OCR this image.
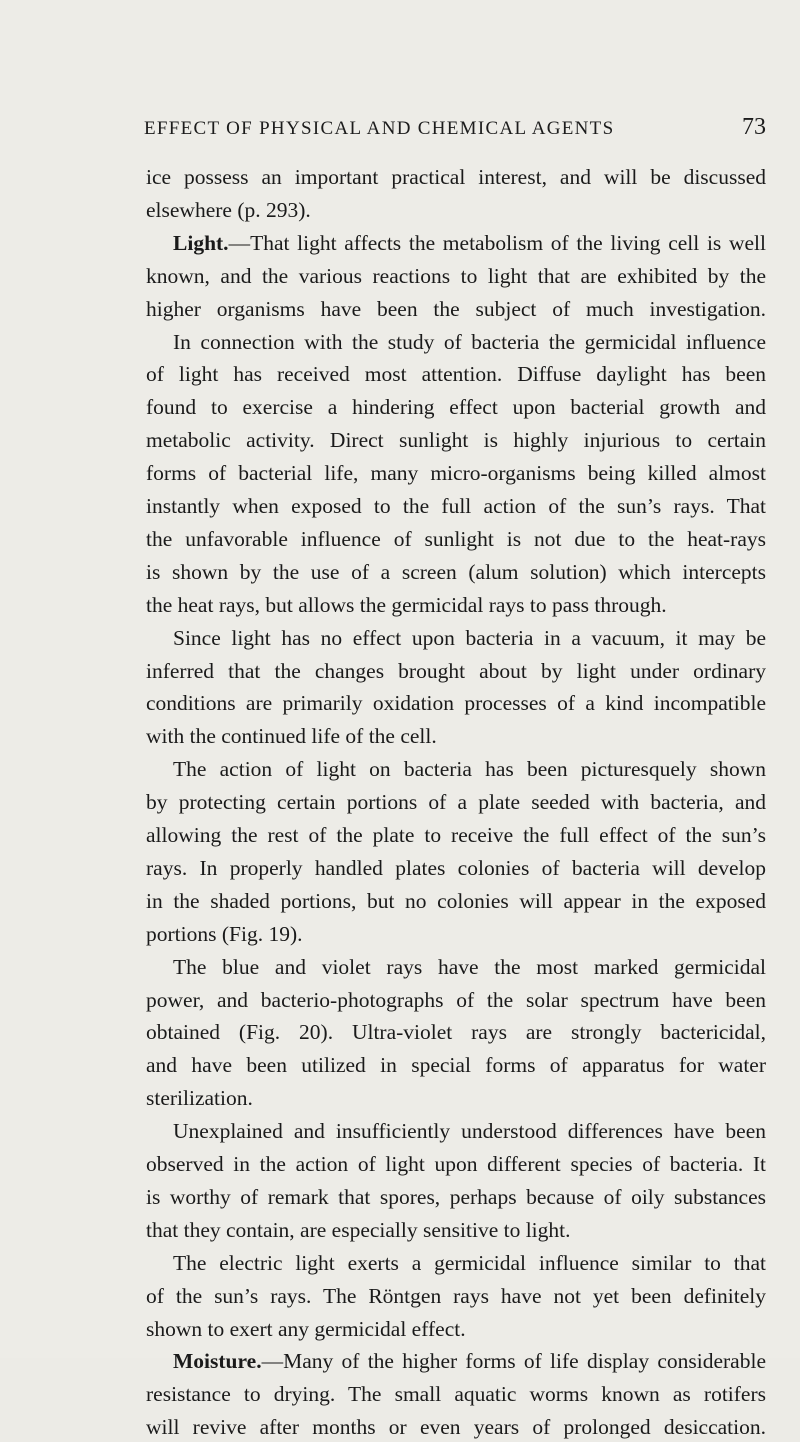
EFFECT OF PHYSICAL AND CHEMICAL AGENTS	73
ice possess an important practical interest, and will be discussed
elsewhere (p. 293).
Light.—That light affects the metabolism of the living cell is well
known, and the various reactions to light that are exhibited by the
higher organisms have been the subject of much investigation.
In connection with the study of bacteria the germicidal influence
of light has received most attention. Diffuse daylight has been
found to exercise a hindering effect upon bacterial growth and
metabolic activity. Direct sunlight is highly injurious to certain
forms of bacterial life, many micro-organisms being killed almost
instantly when exposed to the full action of the sun’s rays. That
the unfavorable influence of sunlight is not due to the heat-rays
is shown by the use of a screen (alum solution) which intercepts
the heat rays, but allows the germicidal rays to pass through.
Since light has no effect upon bacteria in a vacuum, it may be
inferred that the changes brought about by light under ordinary
conditions are primarily oxidation processes of a kind incompatible
with the continued life of the cell.
The action of light on bacteria has been picturesquely shown
by protecting certain portions of a plate seeded with bacteria, and
allowing the rest of the plate to receive the full effect of the sun’s
rays. In properly handled plates colonies of bacteria will develop
in the shaded portions, but no colonies will appear in the exposed
portions (Fig. 19).
The blue and violet rays have the most marked germicidal
power, and bacterio-photographs of the solar spectrum have been
obtained (Fig. 20). Ultra-violet rays are strongly bactericidal,
and have been utilized in special forms of apparatus for water
sterilization.
Unexplained and insufficiently understood differences have been
observed in the action of light upon different species of bacteria. It
is worthy of remark that spores, perhaps because of oily substances
that they contain, are especially sensitive to light.
The electric light exerts a germicidal influence similar to that
of the sun’s rays. The Röntgen rays have not yet been definitely
shown to exert any germicidal effect.
Moisture.—Many of the higher forms of life display considerable
resistance to drying. The small aquatic worms known as rotifers
will revive after months or even years of prolonged desiccation.
